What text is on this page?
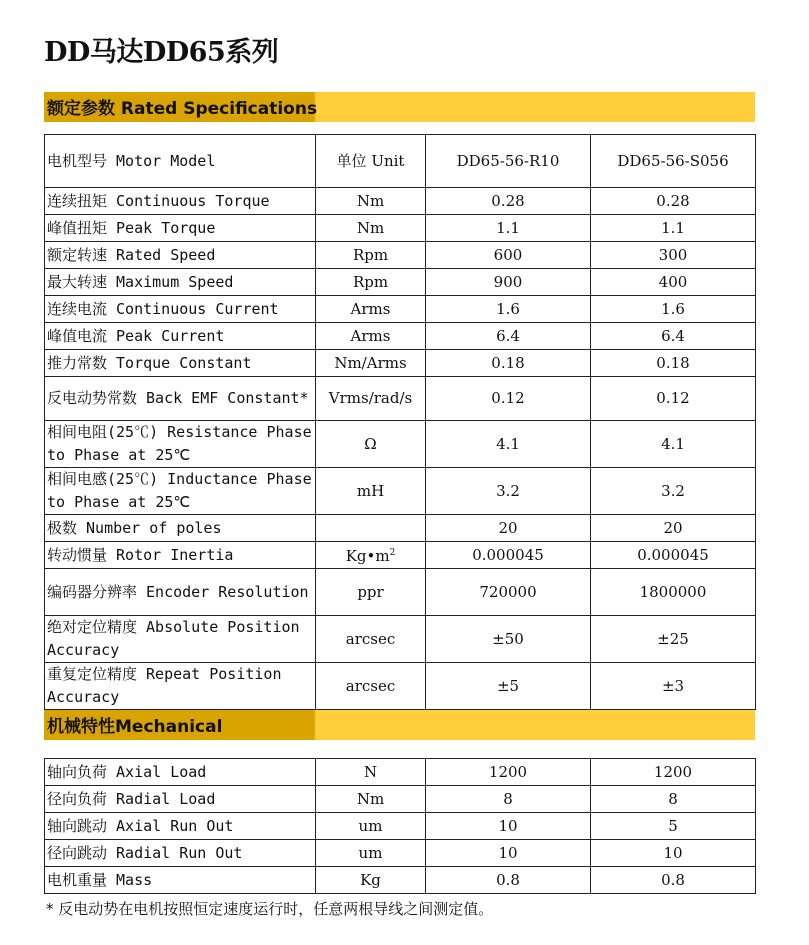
DD马达DD65系列
额定参数 Rated Specifications
电机型号 Motor Model	单位 Unit	DD65-56-R10	DD65-56-S056
连续扭矩 Continuous Torque	Nm	0.28	0.28
峰值扭矩 Peak Torque	Nm	1.1	1.1
额定转速 Rated Speed	Rpm	600	300
最大转速 Maximum Speed	Rpm	900	400
连续电流 Continuous Current	Arms	1.6	1.6
峰值电流 Peak Current	Arms	6.4	6.4
推力常数 Torque Constant	Nm/Arms	0.18	0.18
反电动势常数 Back EMF Constant*	Vrms/rad/s	0.12	0.12
相间电阻(25℃) Resistance Phase to Phase at 25℃	Ω	4.1	4.1
相间电感(25℃) Inductance Phase to Phase at 25℃	mH	3.2	3.2
极数 Number of poles		20	20
转动惯量 Rotor Inertia	$Kg•m^2$	0.000045	0.000045
编码器分辨率 Encoder Resolution	ppr	720000	1800000
绝对定位精度 Absolute Position Accuracy	arcsec	±50	±25
重复定位精度 Repeat Position Accuracy	arcsec	±5	±3
机械特性Mechanical
轴向负荷 Axial Load	N	1200	1200
径向负荷 Radial Load	Nm	8	8
轴向跳动 Axial Run Out	um	10	5
径向跳动 Radial Run Out	um	10	10
电机重量 Mass	Kg	0.8	0.8
* 反电动势在电机按照恒定速度运行时，任意两根导线之间测定值。
